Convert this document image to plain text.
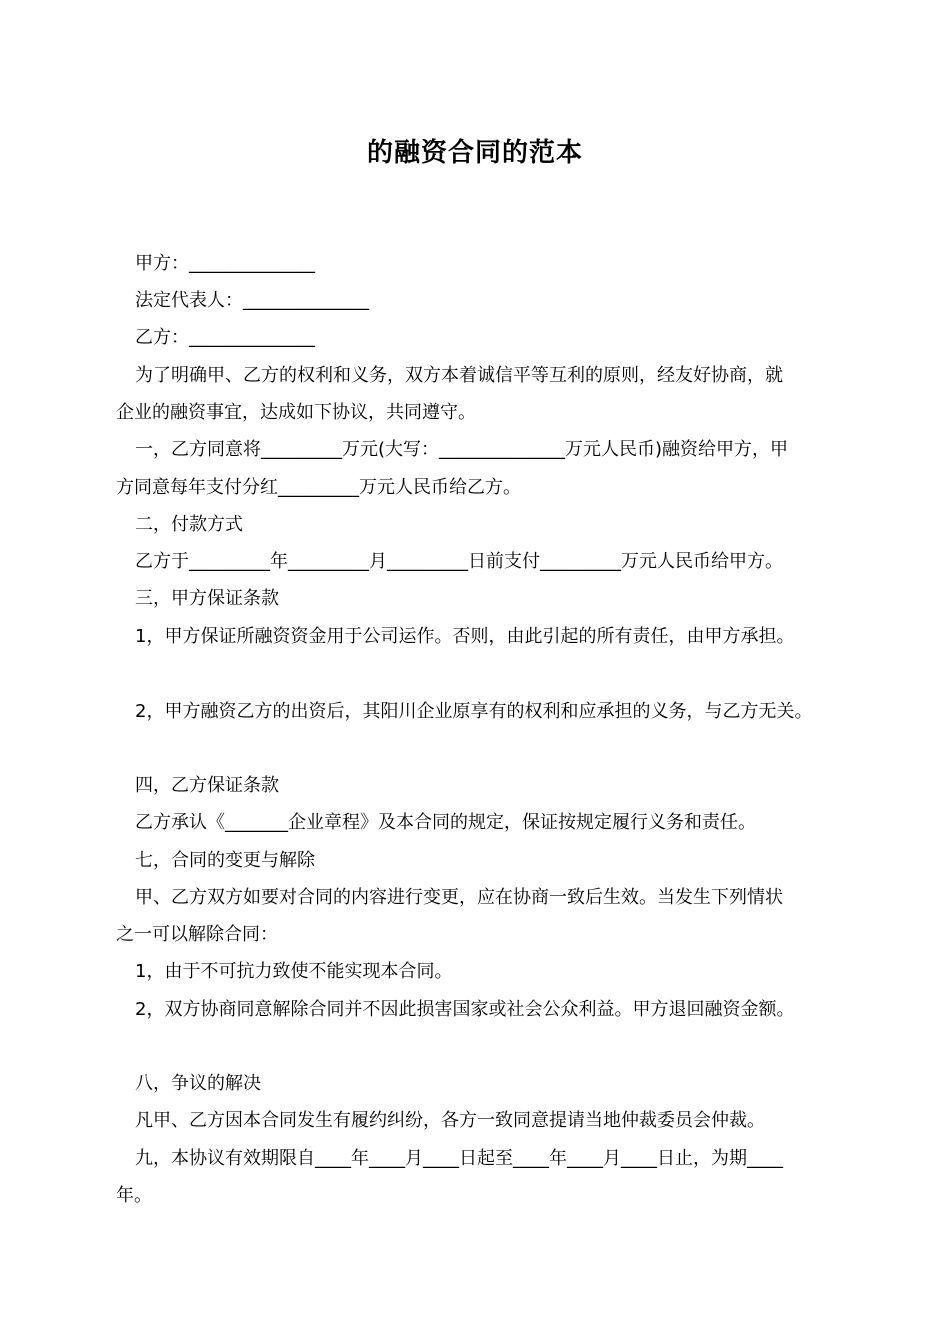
的融资合同的范本
甲方：______________
法定代表人：______________
乙方：______________
为了明确甲、乙方的权利和义务，双方本着诚信平等互利的原则，经友好协商，就
企业的融资事宜，达成如下协议，共同遵守。
一，乙方同意将_________万元(大写：______________万元人民币)融资给甲方，甲
方同意每年支付分红_________万元人民币给乙方。
二，付款方式
乙方于_________年_________月_________日前支付_________万元人民币给甲方。
三，甲方保证条款
1，甲方保证所融资资金用于公司运作。否则，由此引起的所有责任，由甲方承担。
2，甲方融资乙方的出资后，其阳川企业原享有的权利和应承担的义务，与乙方无关。
四，乙方保证条款
乙方承认《_______企业章程》及本合同的规定，保证按规定履行义务和责任。
七，合同的变更与解除
甲、乙方双方如要对合同的内容进行变更，应在协商一致后生效。当发生下列情状
之一可以解除合同：
1，由于不可抗力致使不能实现本合同。
2，双方协商同意解除合同并不因此损害国家或社会公众利益。甲方退回融资金额。
八，争议的解决
凡甲、乙方因本合同发生有履约纠纷，各方一致同意提请当地仲裁委员会仲裁。
九，本协议有效期限自____年____月____日起至____年____月____日止，为期____
年。
